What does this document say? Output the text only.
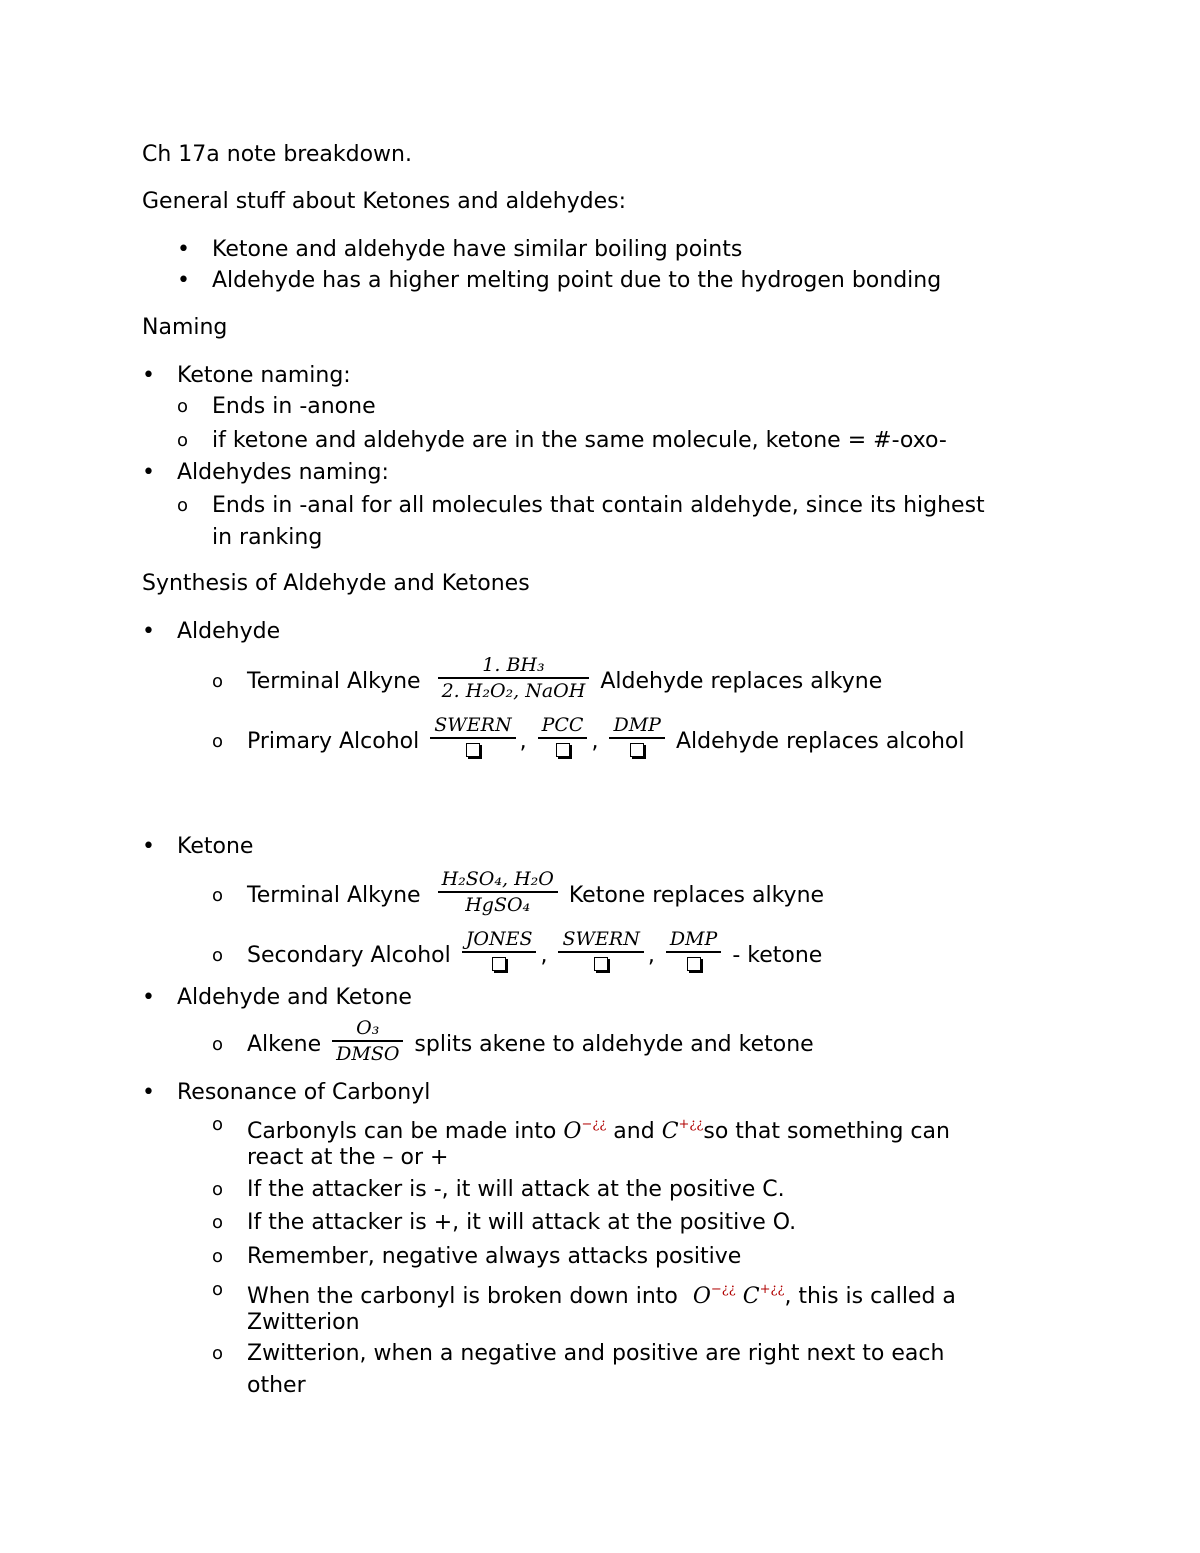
Ch 17a note breakdown.
General stuff about Ketones and aldehydes:
• Ketone and aldehyde have similar boiling points
• Aldehyde has a higher melting point due to the hydrogen bonding
Naming
• Ketone naming:
o Ends in -anone
o if ketone and aldehyde are in the same molecule, ketone = #-oxo-
• Aldehydes naming:
o Ends in -anal for all molecules that contain aldehyde, since its highest
in ranking
Synthesis of Aldehyde and Ketones
• Aldehyde
o Terminal Alkyne $\frac{\text{1. BH₃}}{\text{2. H₂O₂, NaOH}}$ Aldehyde replaces alkyne
o Primary Alcohol
SWERN
,
PCC
,
DMP
Aldehyde replaces alcohol
• Ketone
o Terminal Alkyne $\frac{\text{H₂SO₄, H₂O}}{\text{HgSO₄}}$ Ketone replaces alkyne
o Secondary Alcohol
JONES
,
SWERN
,
DMP
- ketone
• Aldehyde and Ketone
o Alkene $\frac{\text{O₃}}{\text{DMSO}}$ splits akene to aldehyde and ketone
• Resonance of Carbonyl
o Carbonyls can be made into O−¿¿ and C+¿¿so that something can
react at the – or +
o If the attacker is -, it will attack at the positive C.
o If the attacker is +, it will attack at the positive O.
o Remember, negative always attacks positive
o When the carbonyl is broken down into O−¿¿ C+¿¿, this is called a
Zwitterion
o Zwitterion, when a negative and positive are right next to each
other
